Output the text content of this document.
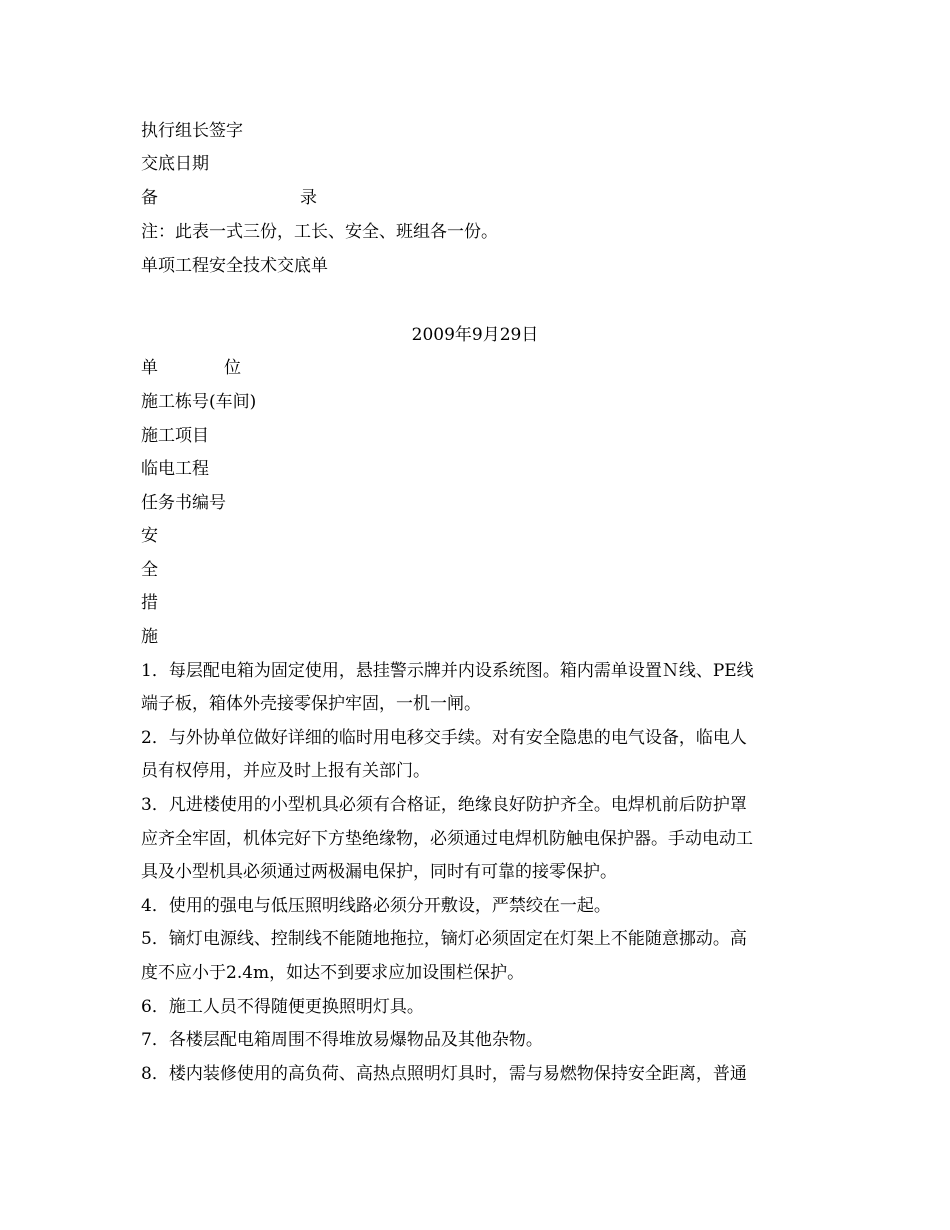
执行组长签字
交底日期
备	录
注：此表一式三份，工长、安全、班组各一份。
单项工程安全技术交底单
2009年9月29日
单	位
施工栋号(车间)
施工项目
临电工程
任务书编号
安
全
措
施
1．每层配电箱为固定使用，悬挂警示牌并内设系统图。箱内需单设置Ｎ线、PE线
端子板，箱体外壳接零保护牢固，一机一闸。
2．与外协单位做好详细的临时用电移交手续。对有安全隐患的电气设备，临电人
员有权停用，并应及时上报有关部门。
3．凡进楼使用的小型机具必须有合格证，绝缘良好防护齐全。电焊机前后防护罩
应齐全牢固，机体完好下方垫绝缘物，必须通过电焊机防触电保护器。手动电动工
具及小型机具必须通过两极漏电保护，同时有可靠的接零保护。
4．使用的强电与低压照明线路必须分开敷设，严禁绞在一起。
5．镝灯电源线、控制线不能随地拖拉，镝灯必须固定在灯架上不能随意挪动。高
度不应小于2.4m，如达不到要求应加设围栏保护。
6．施工人员不得随便更换照明灯具。
7．各楼层配电箱周围不得堆放易爆物品及其他杂物。
8．楼内装修使用的高负荷、高热点照明灯具时，需与易燃物保持安全距离，普通
